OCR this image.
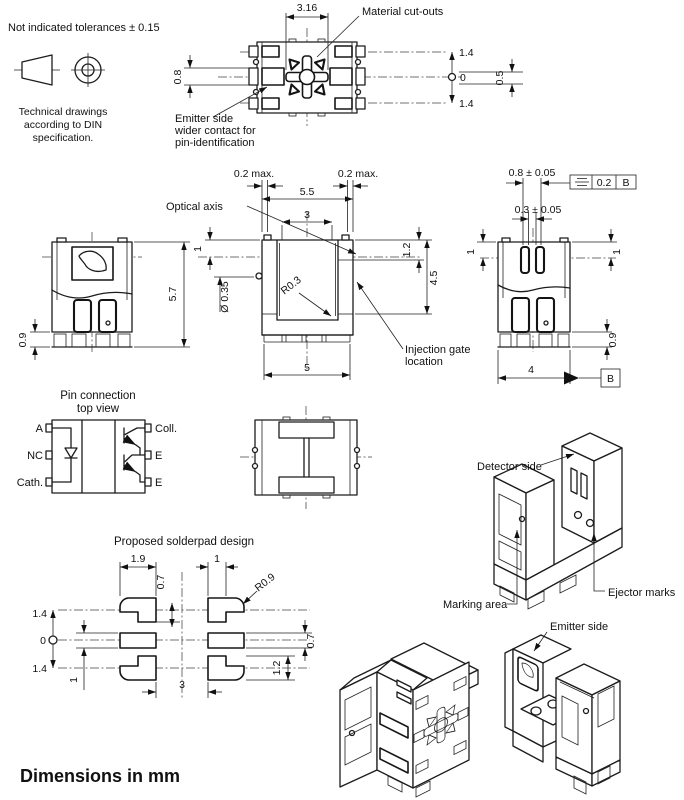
Not indicated tolerances ± 0.15
Technical drawings
according to DIN
specification.
3.16	Material cut-outs
0.8
Emitter side
wider contact for
pin-identification
1.4
0
1.4
0.5
0.2 max.	0.2 max.
5.5
3
Optical axis
1	1.2
4.5
Ø 0.35	R0.3
5
Injection gate
location
0.9
5.7
0.8 ± 0.05
0.3 ± 0.05
0.2 B
1	1
0.9
B
4
Pin connection
top view
A
NC
Cath.
Coll.
E
E
Proposed solderpad design
1.9
0.7
1
R0.9
1.4
0
1.4
1	3
0.7
1.2
Detector side
Ejector marks
Marking area
Emitter side
Dimensions in mm
